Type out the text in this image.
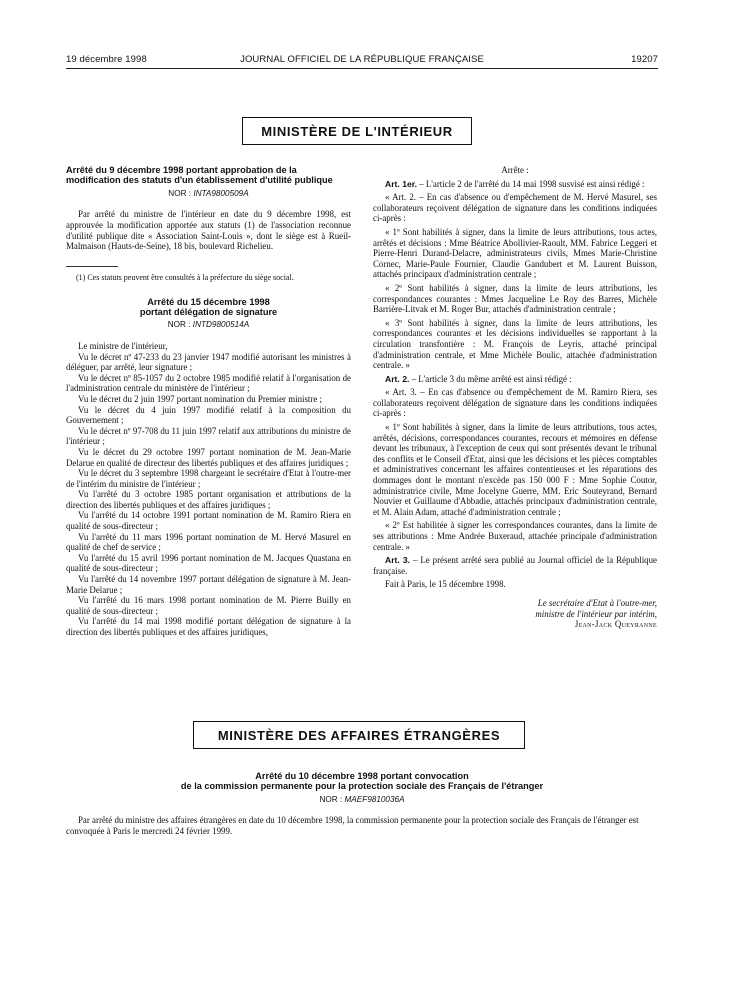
19 décembre 1998	JOURNAL OFFICIEL DE LA RÉPUBLIQUE FRANÇAISE	19207
MINISTÈRE DE L'INTÉRIEUR
Arrêté du 9 décembre 1998 portant approbation de la modification des statuts d'un établissement d'utilité publique
NOR : INTA9800509A

Par arrêté du ministre de l'intérieur en date du 9 décembre 1998, est approuvée la modification apportée aux statuts (1) de l'association reconnue d'utilité publique dite « Association Saint-Louis », dont le siège est à Rueil-Malmaison (Hauts-de-Seine), 18 bis, boulevard Richelieu.

(1) Ces statuts peuvent être consultés à la préfecture du siège social.

Arrêté du 15 décembre 1998
portant délégation de signature
NOR : INTD9800514A

Le ministre de l'intérieur,

Vu le décret nº 47-233 du 23 janvier 1947 modifié autorisant les ministres à déléguer, par arrêté, leur signature ;

Vu le décret nº 85-1057 du 2 octobre 1985 modifié relatif à l'organisation de l'administration centrale du ministère de l'intérieur ;

Vu le décret du 2 juin 1997 portant nomination du Premier ministre ;

Vu le décret du 4 juin 1997 modifié relatif à la composition du Gouvernement ;

Vu le décret nº 97-708 du 11 juin 1997 relatif aux attributions du ministre de l'intérieur ;

Vu le décret du 29 octobre 1997 portant nomination de M. Jean-Marie Delarue en qualité de directeur des libertés publiques et des affaires juridiques ;

Vu le décret du 3 septembre 1998 chargeant le secrétaire d'Etat à l'outre-mer de l'intérim du ministre de l'intérieur ;

Vu l'arrêté du 3 octobre 1985 portant organisation et attributions de la direction des libertés publiques et des affaires juridiques ;

Vu l'arrêté du 14 octobre 1991 portant nomination de M. Ramiro Riera en qualité de sous-directeur ;

Vu l'arrêté du 11 mars 1996 portant nomination de M. Hervé Masurel en qualité de chef de service ;

Vu l'arrêté du 15 avril 1996 portant nomination de M. Jacques Quastana en qualité de sous-directeur ;

Vu l'arrêté du 14 novembre 1997 portant délégation de signature à M. Jean-Marie Delarue ;

Vu l'arrêté du 16 mars 1998 portant nomination de M. Pierre Builly en qualité de sous-directeur ;

Vu l'arrêté du 14 mai 1998 modifié portant délégation de signature à la direction des libertés publiques et des affaires juridiques,

Arrête :

Art. 1er. – L'article 2 de l'arrêté du 14 mai 1998 susvisé est ainsi rédigé :

« Art. 2. – En cas d'absence ou d'empêchement de M. Hervé Masurel, ses collaborateurs reçoivent délégation de signature dans les conditions indiquées ci-après :

« 1º Sont habilités à signer, dans la limite de leurs attributions, tous actes, arrêtés et décisions : Mme Béatrice Abollivier-Raoult, MM. Fabrice Leggeri et Pierre-Henri Durand-Delacre, administrateurs civils, Mmes Marie-Christine Cornec, Marie-Paule Fournier, Claudie Gandubert et M. Laurent Buisson, attachés principaux d'administration centrale ;

« 2º Sont habilités à signer, dans la limite de leurs attributions, les correspondances courantes : Mmes Jacqueline Le Roy des Barres, Michèle Barrière-Litvak et M. Roger Bur, attachés d'administration centrale ;

« 3º Sont habilités à signer, dans la limite de leurs attributions, les correspondances courantes et les décisions individuelles se rapportant à la circulation transfontière : M. François de Leyris, attaché principal d'administration centrale, et Mme Michèle Boulic, attachée d'administration centrale. »

Art. 2. – L'article 3 du même arrêté est ainsi rédigé :

« Art. 3. – En cas d'absence ou d'empêchement de M. Ramiro Riera, ses collaborateurs reçoivent délégation de signature dans les conditions indiquées ci-après :

« 1º Sont habilités à signer, dans la limite de leurs attributions, tous actes, arrêtés, décisions, correspondances courantes, recours et mémoires en défense devant les tribunaux, à l'exception de ceux qui sont présentés devant le tribunal des conflits et le Conseil d'Etat, ainsi que les décisions et les pièces comptables et administratives concernant les affaires contentieuses et les réparations des dommages dont le montant n'excède pas 150 000 F : Mme Sophie Coutor, administratrice civile, Mme Jocelyne Guerre, MM. Eric Souteyrand, Bernard Nouvier et Guillaume d'Abbadie, attachés principaux d'administration centrale, et M. Alain Adam, attaché d'administration centrale ;

« 2º Est habilitée à signer les correspondances courantes, dans la limite de ses attributions : Mme Andrée Buxeraud, attachée principale d'administration centrale. »

Art. 3. – Le présent arrêté sera publié au Journal officiel de la République française.

Fait à Paris, le 15 décembre 1998.

Le secrétaire d'Etat à l'outre-mer,

ministre de l'intérieur par intérim,

Jean-Jack Queyranne

MINISTÈRE DES AFFAIRES ÉTRANGÈRES
Arrêté du 10 décembre 1998 portant convocation
de la commission permanente pour la protection sociale des Français de l'étranger
NOR : MAEF9810036A

Par arrêté du ministre des affaires étrangères en date du 10 décembre 1998, la commission permanente pour la protection sociale des Français de l'étranger est convoquée à Paris le mercredi 24 février 1999.
